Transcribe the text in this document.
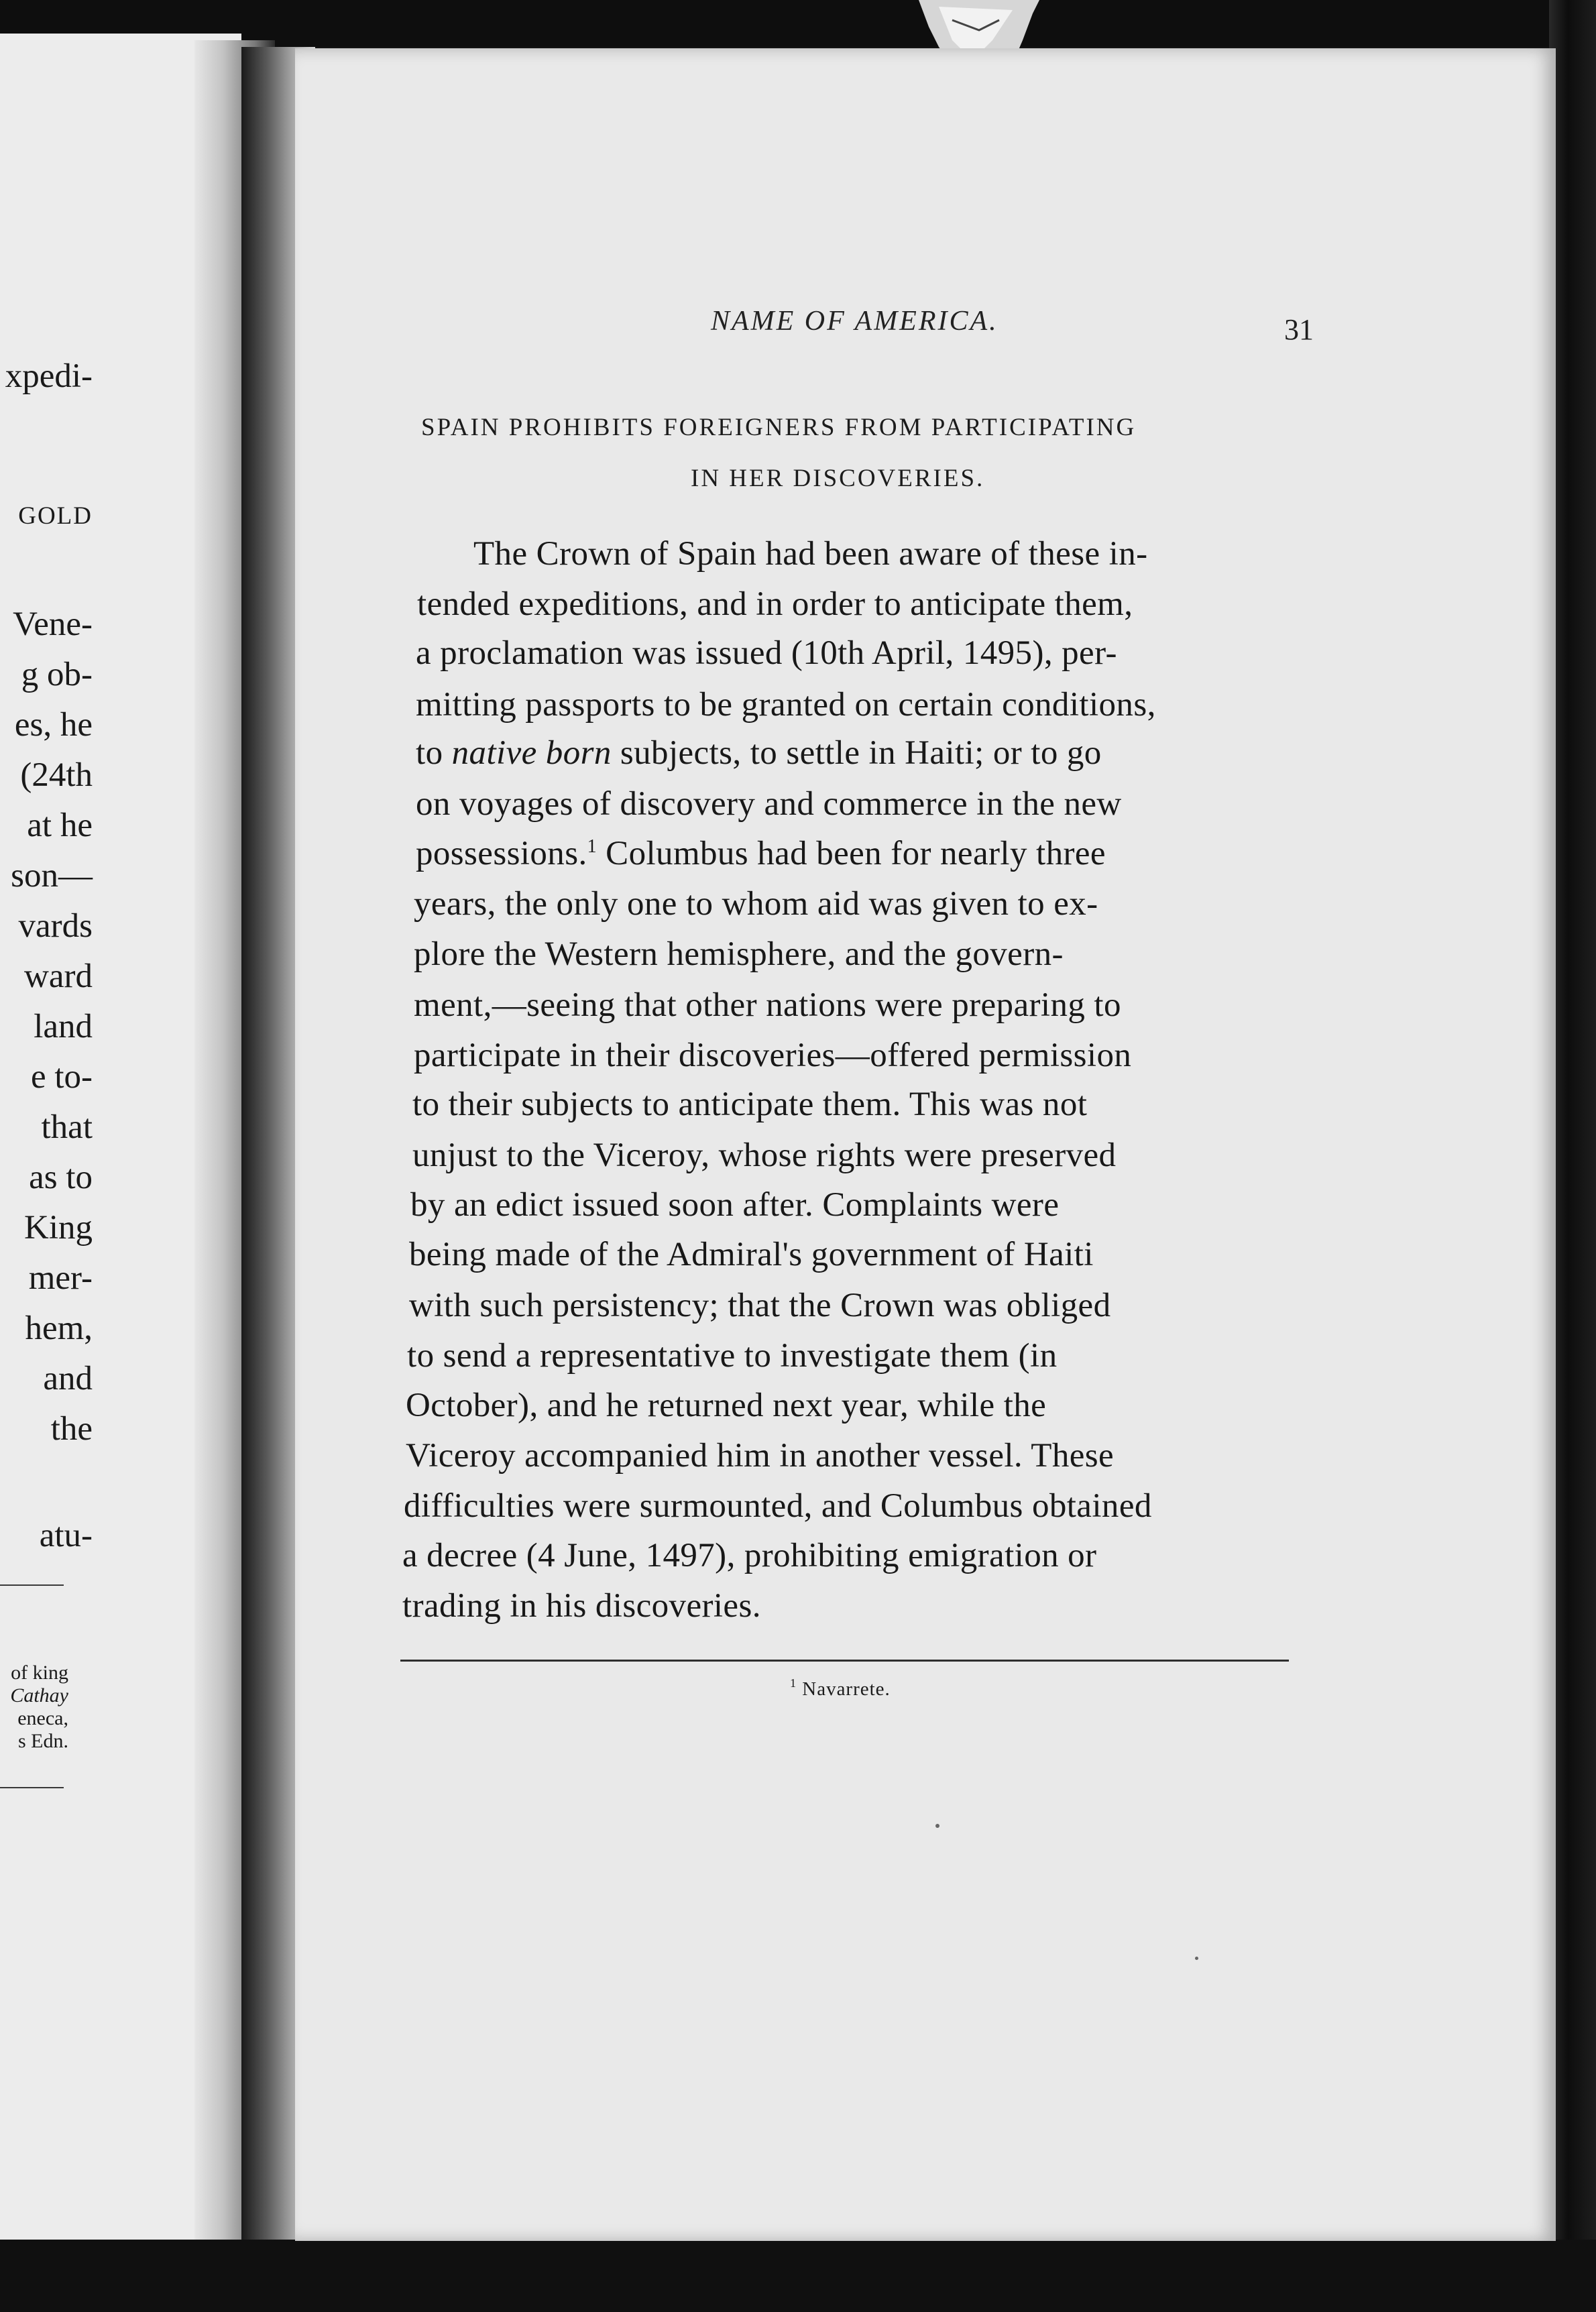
xpedi-
GOLD
Vene-
g ob-
es, he
(24th
at he
son—
vards
ward
land
e to-
that
as to
King
mer-
hem,
and
the
atu-
of king
Cathay
eneca,
s Edn.
NAME OF AMERICA.	31
SPAIN PROHIBITS FOREIGNERS FROM PARTICIPATING
IN HER DISCOVERIES.
The Crown of Spain had been aware of these in-
tended expeditions, and in order to anticipate them,
a proclamation was issued (10th April, 1495), per-
mitting passports to be granted on certain conditions,
to native born subjects, to settle in Haiti; or to go
on voyages of discovery and commerce in the new
possessions.$^1$ Columbus had been for nearly three
years, the only one to whom aid was given to ex-
plore the Western hemisphere, and the govern-
ment,—seeing that other nations were preparing to
participate in their discoveries—offered permission
to their subjects to anticipate them. This was not
unjust to the Viceroy, whose rights were preserved
by an edict issued soon after. Complaints were
being made of the Admiral's government of Haiti
with such persistency; that the Crown was obliged
to send a representative to investigate them (in
October), and he returned next year, while the
Viceroy accompanied him in another vessel. These
difficulties were surmounted, and Columbus obtained
a decree (4 June, 1497), prohibiting emigration or
trading in his discoveries.
$^1$ Navarrete.
